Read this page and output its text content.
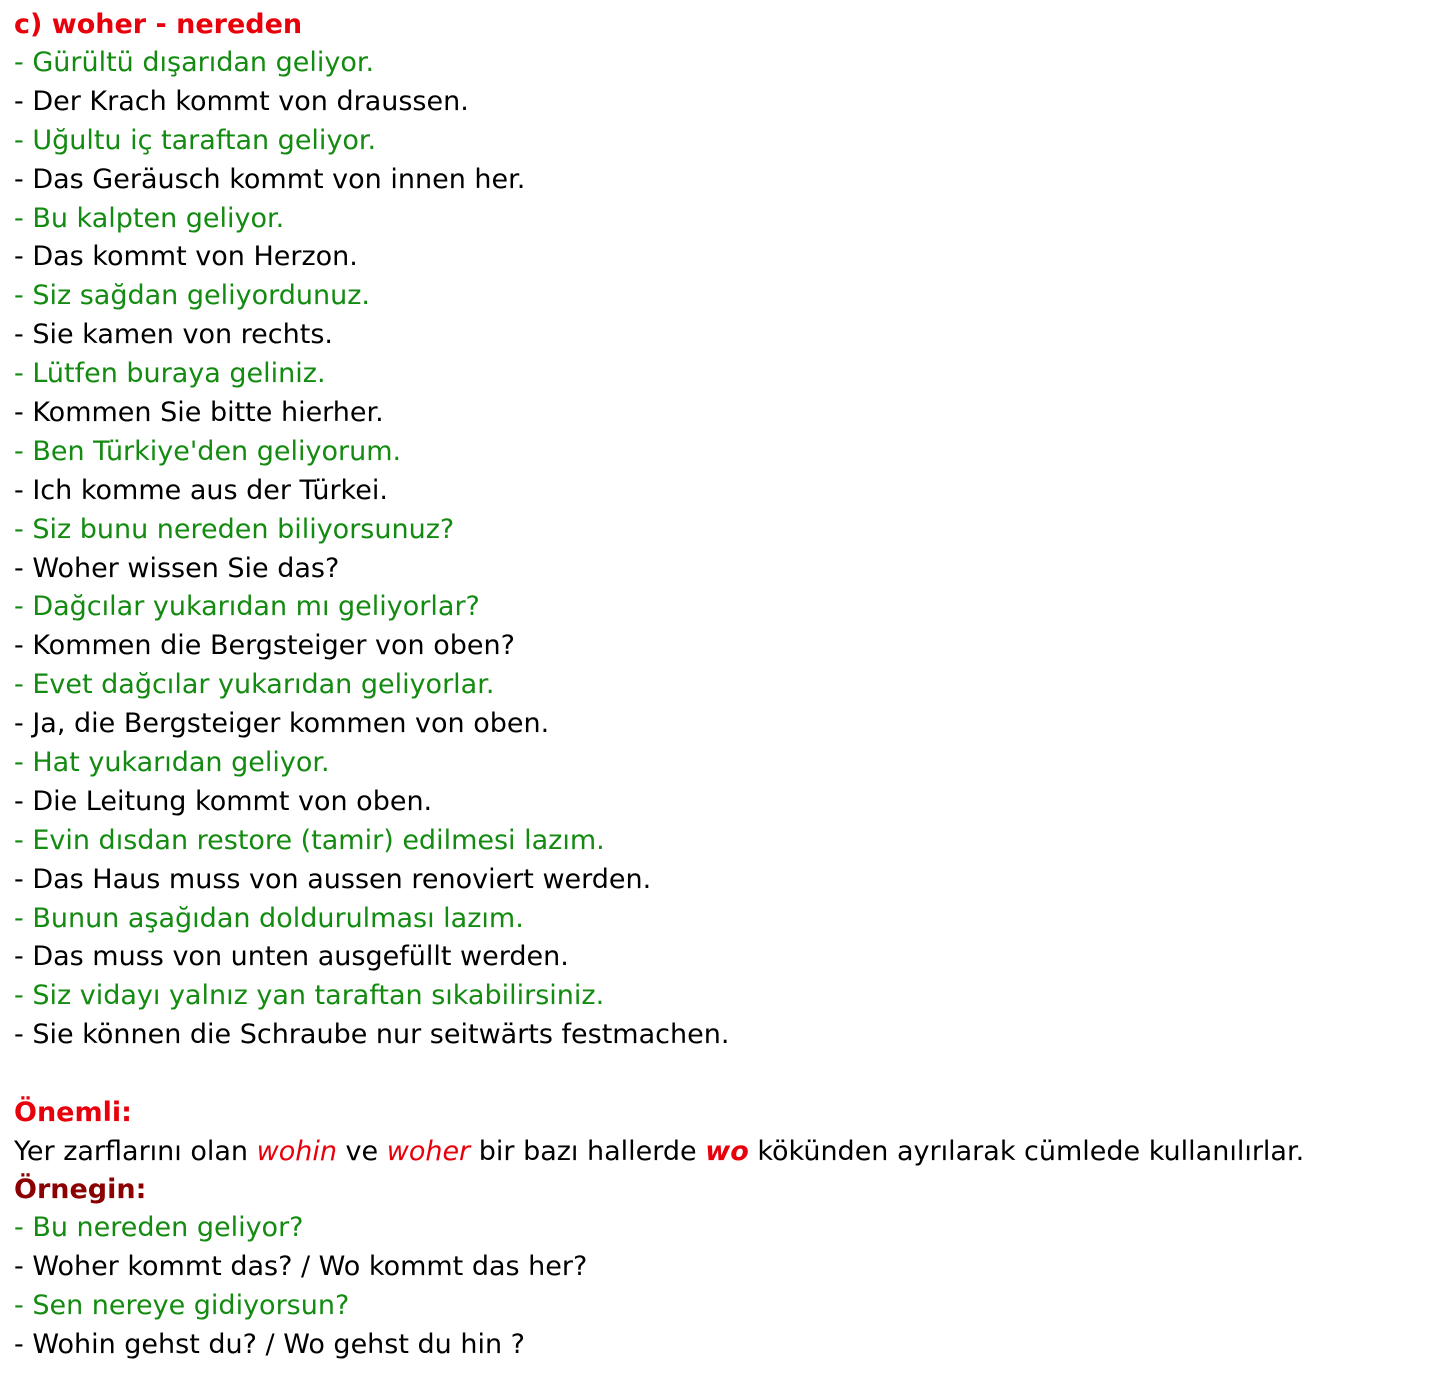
c) woher - nereden
- Gürültü dışarıdan geliyor.
- Der Krach kommt von draussen.
- Uğultu iç taraftan geliyor.
- Das Geräusch kommt von innen her.
- Bu kalpten geliyor.
- Das kommt von Herzon.
- Siz sağdan geliyordunuz.
- Sie kamen von rechts.
- Lütfen buraya geliniz.
- Kommen Sie bitte hierher.
- Ben Türkiye'den geliyorum.
- Ich komme aus der Türkei.
- Siz bunu nereden biliyorsunuz?
- Woher wissen Sie das?
- Dağcılar yukarıdan mı geliyorlar?
- Kommen die Bergsteiger von oben?
- Evet dağcılar yukarıdan geliyorlar.
- Ja, die Bergsteiger kommen von oben.
- Hat yukarıdan geliyor.
- Die Leitung kommt von oben.
- Evin dısdan restore (tamir) edilmesi lazım.
- Das Haus muss von aussen renoviert werden.
- Bunun aşağıdan doldurulması lazım.
- Das muss von unten ausgefüllt werden.
- Siz vidayı yalnız yan taraftan sıkabilirsiniz.
- Sie können die Schraube nur seitwärts festmachen.
Önemli:
Yer zarflarını olan wohin ve woher bir bazı hallerde wo kökünden ayrılarak cümlede kullanılırlar.
Örnegin:
- Bu nereden geliyor?
- Woher kommt das? / Wo kommt das her?
- Sen nereye gidiyorsun?
- Wohin gehst du? / Wo gehst du hin ?
